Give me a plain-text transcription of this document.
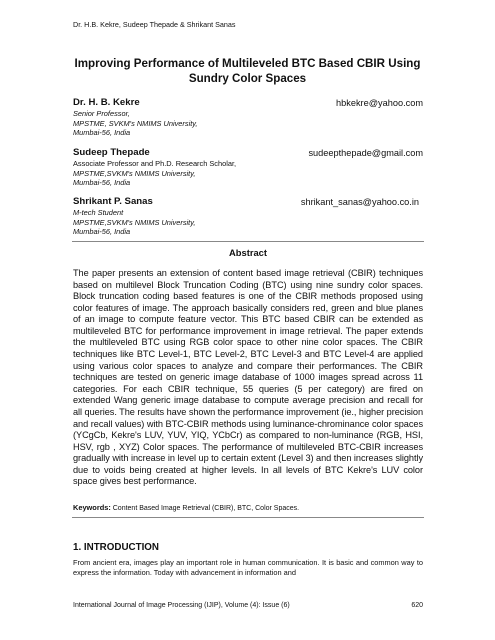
Dr. H.B. Kekre, Sudeep Thepade & Shrikant Sanas
Improving Performance of Multileveled BTC Based CBIR Using
Sundry Color Spaces
Dr. H. B. Kekre	hbkekre@yahoo.com
Senior Professor,
MPSTME, SVKM's NMIMS University,
Mumbai-56, India
Sudeep Thepade	sudeepthepade@gmail.com
Associate Professor and Ph.D. Research Scholar,
MPSTME,SVKM's NMIMS University,
Mumbai-56, India
Shrikant P. Sanas	shrikant_sanas@yahoo.co.in
M-tech Student
MPSTME,SVKM's NMIMS University,
Mumbai-56, India
Abstract

The paper presents an extension of content based image retrieval (CBIR) techniques based on multilevel Block Truncation Coding (BTC) using nine sundry color spaces. Block truncation coding based features is one of the CBIR methods proposed using color features of image. The approach basically considers red, green and blue planes of an image to compute feature vector. This BTC based CBIR can be extended as multileveled BTC for performance improvement in image retrieval. The paper extends the multileveled BTC using RGB color space to other nine color spaces. The CBIR techniques like BTC Level-1, BTC Level-2, BTC Level-3 and BTC Level-4 are applied using various color spaces to analyze and compare their performances. The CBIR techniques are tested on generic image database of 1000 images spread across 11 categories. For each CBIR technique, 55 queries (5 per category) are fired on extended Wang generic image database to compute average precision and recall for all queries. The results have shown the performance improvement (ie., higher precision and recall values) with BTC-CBIR methods using luminance-chrominance color spaces (YCgCb, Kekre's LUV, YUV, YIQ, YCbCr) as compared to non-luminance (RGB, HSI, HSV, rgb , XYZ) Color spaces. The performance of multileveled BTC-CBIR increases gradually with increase in level up to certain extent (Level 3) and then increases slightly due to voids being created at higher levels. In all levels of BTC Kekre's LUV color space gives best performance.

Keywords: Content Based Image Retrieval (CBIR), BTC, Color Spaces.
1. INTRODUCTION

From ancient era, images play an important role in human communication. It is basic and common way to express the information. Today with advancement in information and

International Journal of Image Processing (IJIP), Volume (4): Issue (6)	620
